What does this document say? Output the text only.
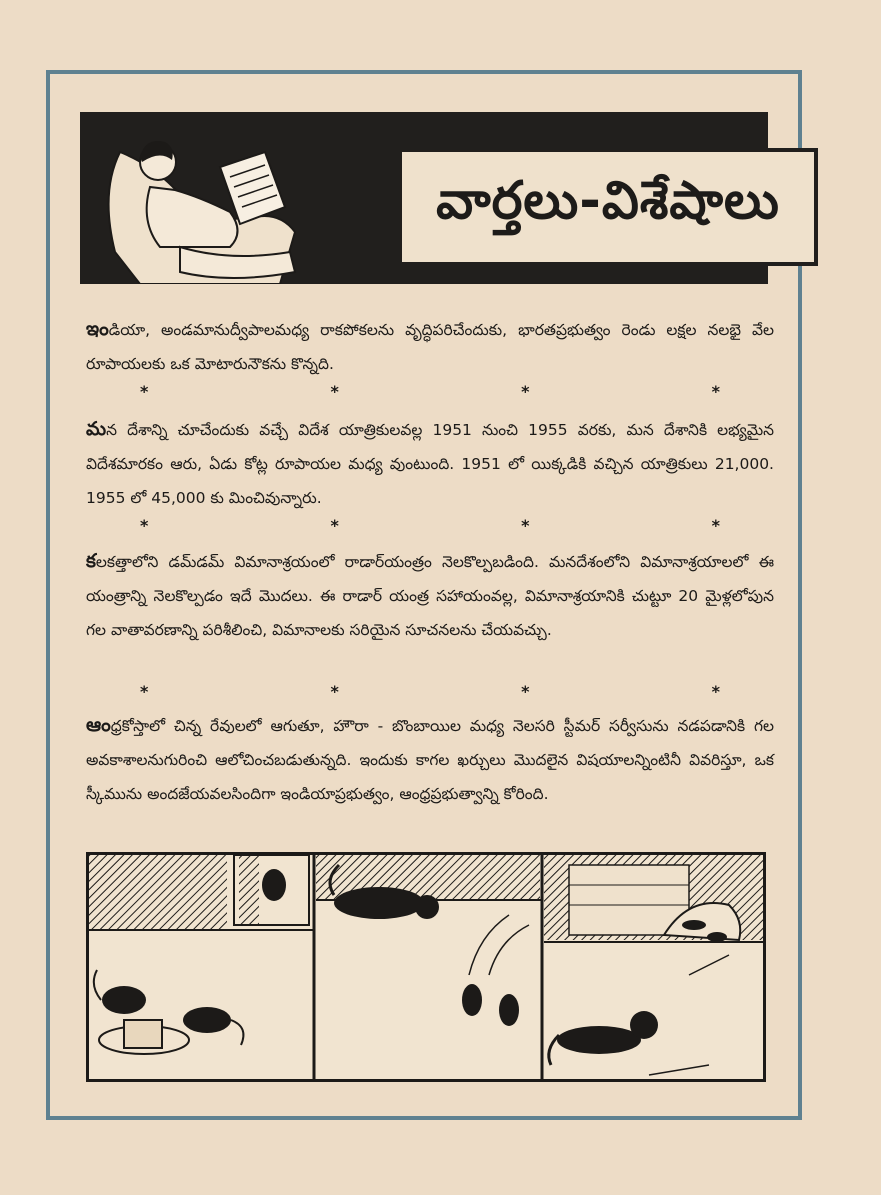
వార్తలు-విశేషాలు
ఇండియా, అండమానుద్వీపాలమధ్య రాకపోకలను వృద్ధిపరిచేందుకు, భారతప్రభుత్వం రెండు లక్షల నలభై వేల రూపాయలకు ఒక మోటారునౌకను కొన్నది.
*	*	*	*
మన దేశాన్ని చూచేందుకు వచ్చే విదేశ యాత్రికులవల్ల 1951 నుంచి 1955 వరకు, మన దేశానికి లభ్యమైన విదేశమారకం ఆరు, ఏడు కోట్ల రూపాయల మధ్య వుంటుంది. 1951 లో యిక్కడికి వచ్చిన యాత్రికులు 21,000. 1955 లో 45,000 కు మించివున్నారు.
*	*	*	*
కలకత్తాలోని డమ్‌డమ్ విమానాశ్రయంలో రాడార్‌యంత్రం నెలకొల్పబడింది. మనదేశంలోని విమానాశ్రయాలలో ఈ యంత్రాన్ని నెలకొల్పడం ఇదే మొదలు. ఈ రాడార్ యంత్ర సహాయంవల్ల, విమానాశ్రయానికి చుట్టూ 20 మైళ్లలోపున గల వాతావరణాన్ని పరిశీలించి, విమానాలకు సరియైన సూచనలను చేయవచ్చు.
*	*	*	*
ఆంధ్రకోస్తాలో చిన్న రేవులలో ఆగుతూ, హౌరా - బొంబాయిల మధ్య నెలసరి స్టీమర్ సర్వీసును నడపడానికి గల అవకాశాలనుగురించి ఆలోచించబడుతున్నది. ఇందుకు కాగల ఖర్చులు మొదలైన విషయాలన్నింటినీ వివరిస్తూ, ఒక స్కీమును అందజేయవలసిందిగా ఇండియాప్రభుత్వం, ఆంధ్రప్రభుత్వాన్ని కోరింది.
